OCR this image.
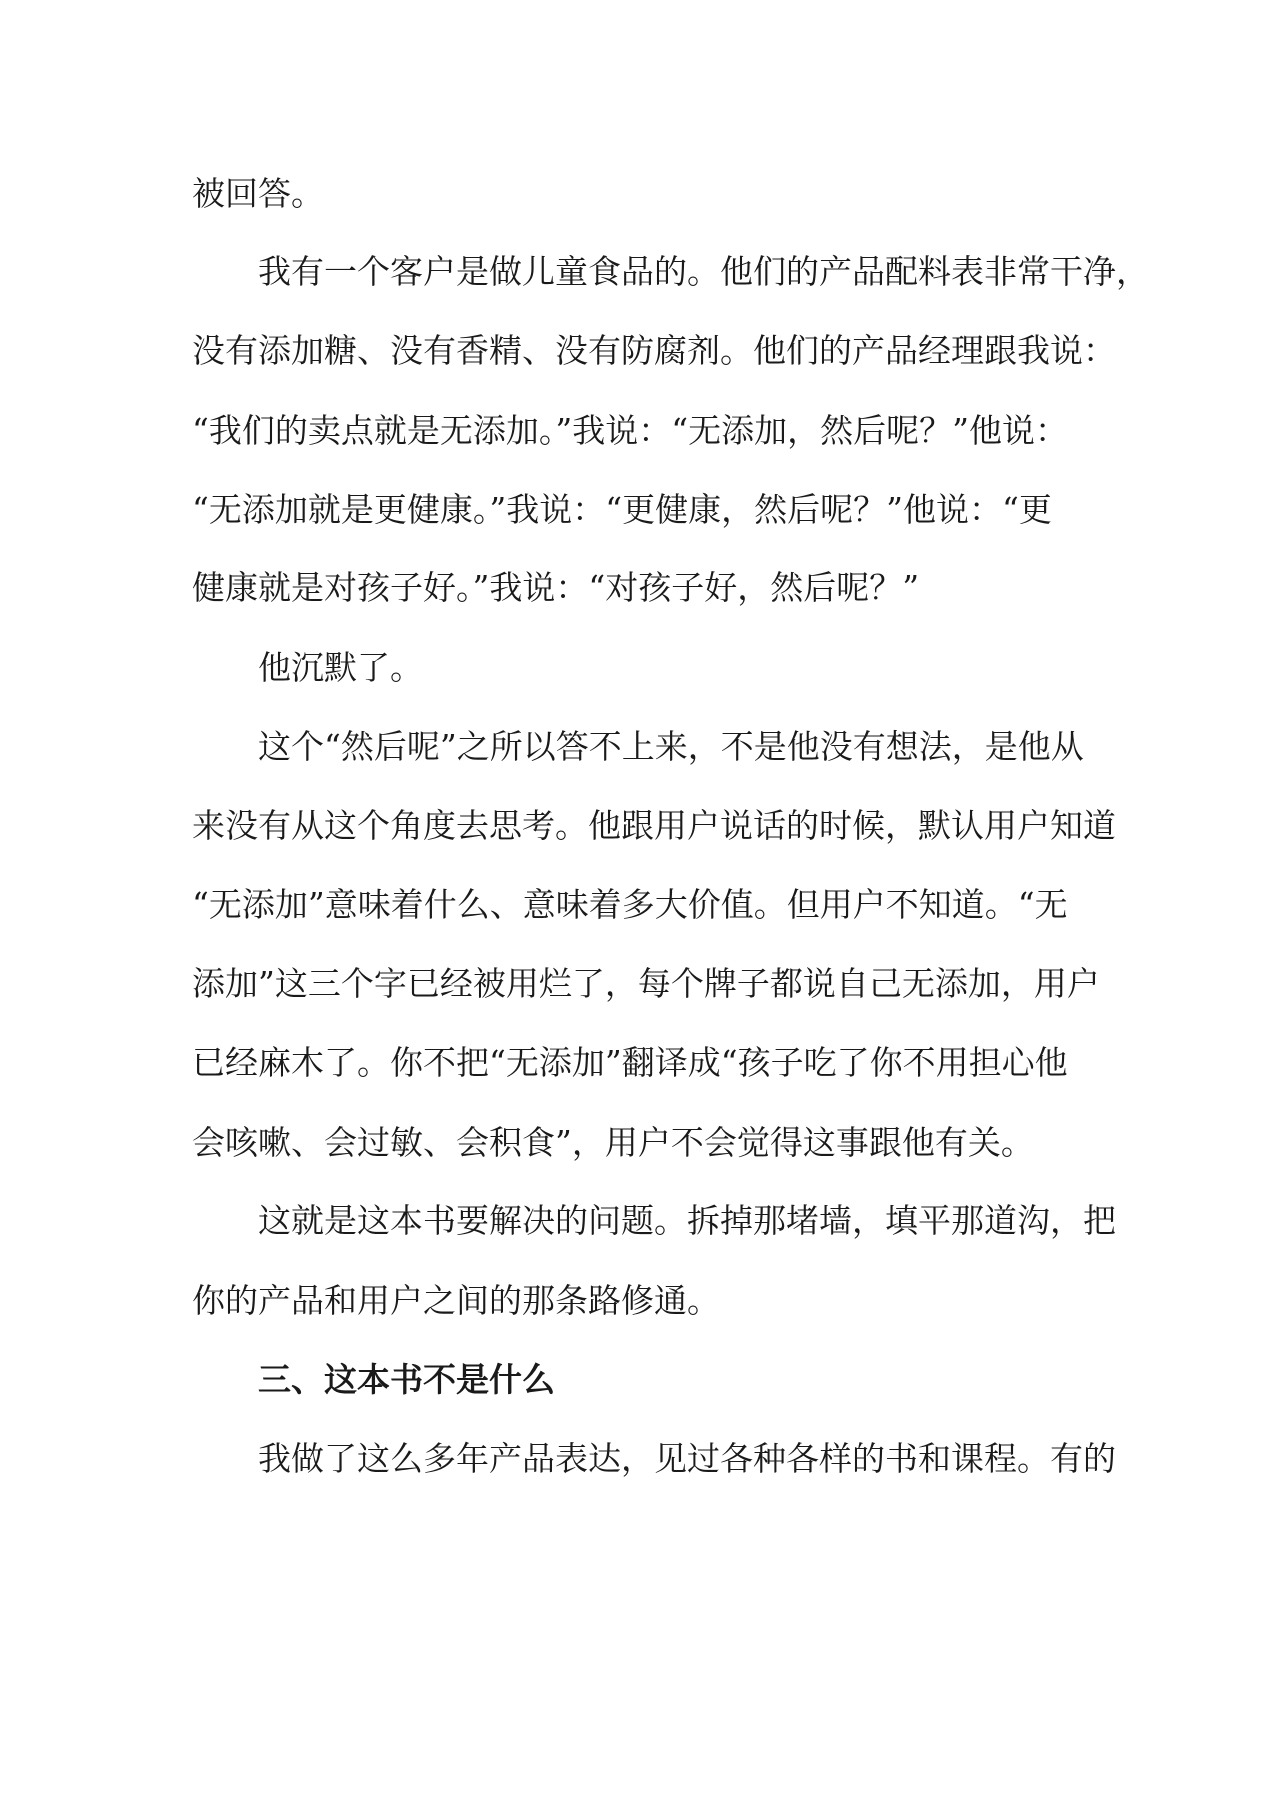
被回答。
我有一个客户是做儿童食品的。他们的产品配料表非常干净，
没有添加糖、没有香精、没有防腐剂。他们的产品经理跟我说：
“我们的卖点就是无添加。”我说：“无添加，然后呢？”他说：
“无添加就是更健康。”我说：“更健康，然后呢？”他说：“更
健康就是对孩子好。”我说：“对孩子好，然后呢？”
他沉默了。
这个“然后呢”之所以答不上来，不是他没有想法，是他从
来没有从这个角度去思考。他跟用户说话的时候，默认用户知道
“无添加”意味着什么、意味着多大价值。但用户不知道。“无
添加”这三个字已经被用烂了，每个牌子都说自己无添加，用户
已经麻木了。你不把“无添加”翻译成“孩子吃了你不用担心他
会咳嗽、会过敏、会积食”，用户不会觉得这事跟他有关。
这就是这本书要解决的问题。拆掉那堵墙，填平那道沟，把
你的产品和用户之间的那条路修通。
三、这本书不是什么
我做了这么多年产品表达，见过各种各样的书和课程。有的
